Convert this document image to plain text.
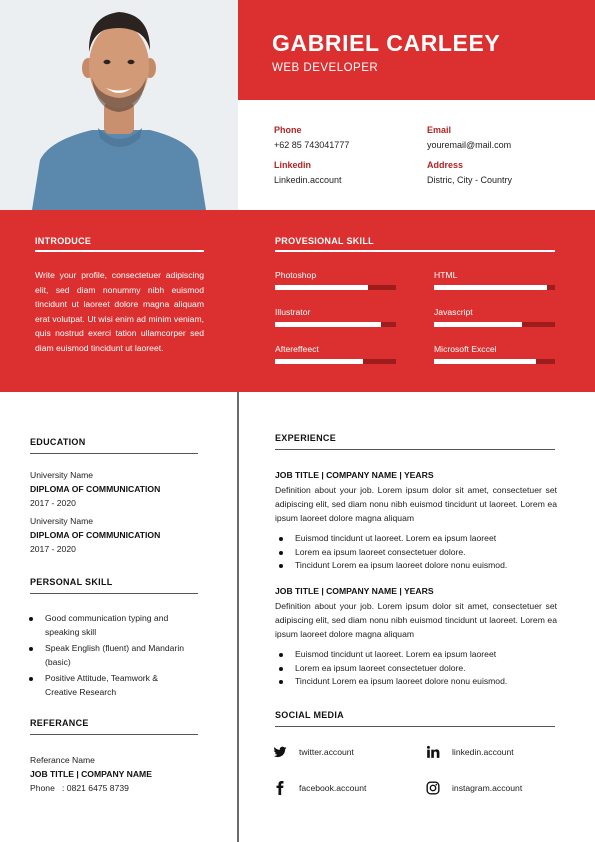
GABRIEL CARLEEY
WEB DEVELOPER
Phone
+62 85 743041777
Email
youremail@mail.com
Linkedin
Linkedin.account
Address
Distric, City - Country
INTRODUCE
Write your profile, consectetuer adipiscing elit, sed diam nonummy nibh euismod tincidunt ut laoreet dolore magna aliquam erat volutpat. Ut wisi enim ad minim veniam, quis nostrud exerci tation ullamcorper sed diam euismod tincidunt ut laoreet.
PROVESIONAL SKILL
Photoshop	HTML
Illustrator	Javascript
Aftereffeect	Microsoft Exccel
EDUCATION
University Name
DIPLOMA OF COMMUNICATION
2017 - 2020
University Name
DIPLOMA OF COMMUNICATION
2017 - 2020
PERSONAL SKILL
Good communication typing and speaking skill
Speak English (fluent) and Mandarin (basic)
Positive Attitude, Teamwork & Creative Research
REFERANCE
Referance Name
JOB TITLE | COMPANY NAME
Phone   : 0821 6475 8739
EXPERIENCE
JOB TITLE | COMPANY NAME | YEARS
Definition about your job. Lorem ipsum dolor sit amet, consectetuer set adipiscing elit, sed diam nonu nibh euismod tincidunt ut laoreet. Lorem ea ipsum laoreet dolore magna aliquam
Euismod tincidunt ut laoreet. Lorem ea ipsum laoreet
Lorem ea ipsum laoreet consectetuer dolore.
Tincidunt Lorem ea ipsum laoreet dolore nonu euismod.
JOB TITLE | COMPANY NAME | YEARS
Definition about your job. Lorem ipsum dolor sit amet, consectetuer set adipiscing elit, sed diam nonu nibh euismod tincidunt ut laoreet. Lorem ea ipsum laoreet dolore magna aliquam
Euismod tincidunt ut laoreet. Lorem ea ipsum laoreet
Lorem ea ipsum laoreet consectetuer dolore.
Tincidunt Lorem ea ipsum laoreet dolore nonu euismod.
SOCIAL MEDIA
twitter.account	linkedin.account
facebook.account	instagram.account
